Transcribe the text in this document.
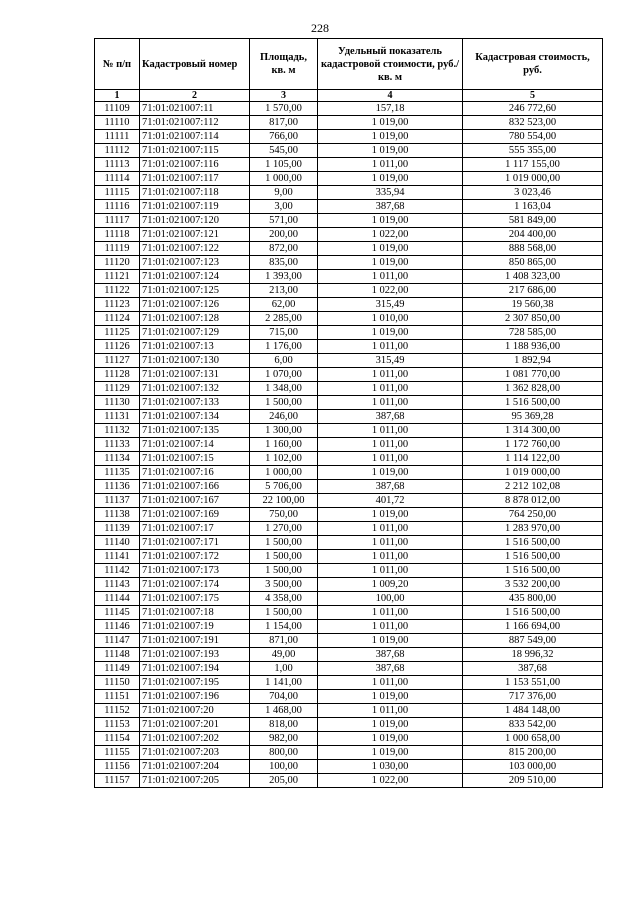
228
№ п/п	Кадастровый номер	Площадь, кв. м	Удельный показатель кадастровой стоимости, руб./кв. м	Кадастровая стоимость, руб.
1	2	3	4	5
11109	71:01:021007:11	1 570,00	157,18	246 772,60
11110	71:01:021007:112	817,00	1 019,00	832 523,00
11111	71:01:021007:114	766,00	1 019,00	780 554,00
11112	71:01:021007:115	545,00	1 019,00	555 355,00
11113	71:01:021007:116	1 105,00	1 011,00	1 117 155,00
11114	71:01:021007:117	1 000,00	1 019,00	1 019 000,00
11115	71:01:021007:118	9,00	335,94	3 023,46
11116	71:01:021007:119	3,00	387,68	1 163,04
11117	71:01:021007:120	571,00	1 019,00	581 849,00
11118	71:01:021007:121	200,00	1 022,00	204 400,00
11119	71:01:021007:122	872,00	1 019,00	888 568,00
11120	71:01:021007:123	835,00	1 019,00	850 865,00
11121	71:01:021007:124	1 393,00	1 011,00	1 408 323,00
11122	71:01:021007:125	213,00	1 022,00	217 686,00
11123	71:01:021007:126	62,00	315,49	19 560,38
11124	71:01:021007:128	2 285,00	1 010,00	2 307 850,00
11125	71:01:021007:129	715,00	1 019,00	728 585,00
11126	71:01:021007:13	1 176,00	1 011,00	1 188 936,00
11127	71:01:021007:130	6,00	315,49	1 892,94
11128	71:01:021007:131	1 070,00	1 011,00	1 081 770,00
11129	71:01:021007:132	1 348,00	1 011,00	1 362 828,00
11130	71:01:021007:133	1 500,00	1 011,00	1 516 500,00
11131	71:01:021007:134	246,00	387,68	95 369,28
11132	71:01:021007:135	1 300,00	1 011,00	1 314 300,00
11133	71:01:021007:14	1 160,00	1 011,00	1 172 760,00
11134	71:01:021007:15	1 102,00	1 011,00	1 114 122,00
11135	71:01:021007:16	1 000,00	1 019,00	1 019 000,00
11136	71:01:021007:166	5 706,00	387,68	2 212 102,08
11137	71:01:021007:167	22 100,00	401,72	8 878 012,00
11138	71:01:021007:169	750,00	1 019,00	764 250,00
11139	71:01:021007:17	1 270,00	1 011,00	1 283 970,00
11140	71:01:021007:171	1 500,00	1 011,00	1 516 500,00
11141	71:01:021007:172	1 500,00	1 011,00	1 516 500,00
11142	71:01:021007:173	1 500,00	1 011,00	1 516 500,00
11143	71:01:021007:174	3 500,00	1 009,20	3 532 200,00
11144	71:01:021007:175	4 358,00	100,00	435 800,00
11145	71:01:021007:18	1 500,00	1 011,00	1 516 500,00
11146	71:01:021007:19	1 154,00	1 011,00	1 166 694,00
11147	71:01:021007:191	871,00	1 019,00	887 549,00
11148	71:01:021007:193	49,00	387,68	18 996,32
11149	71:01:021007:194	1,00	387,68	387,68
11150	71:01:021007:195	1 141,00	1 011,00	1 153 551,00
11151	71:01:021007:196	704,00	1 019,00	717 376,00
11152	71:01:021007:20	1 468,00	1 011,00	1 484 148,00
11153	71:01:021007:201	818,00	1 019,00	833 542,00
11154	71:01:021007:202	982,00	1 019,00	1 000 658,00
11155	71:01:021007:203	800,00	1 019,00	815 200,00
11156	71:01:021007:204	100,00	1 030,00	103 000,00
11157	71:01:021007:205	205,00	1 022,00	209 510,00
